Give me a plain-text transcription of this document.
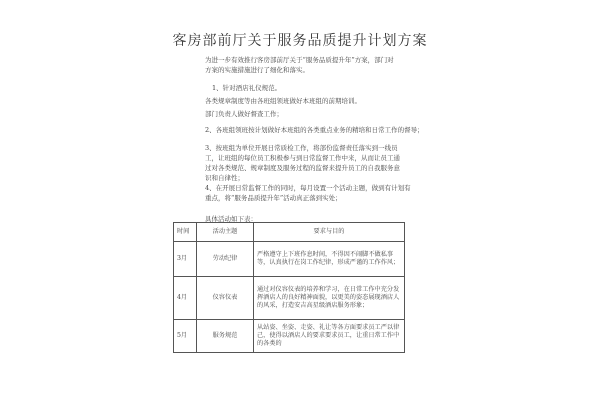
客房部前厅关于服务品质提升计划方案
为进一步有效推行客房部前厅关于“服务品质提升年”方案，部门对方案的实施措施进行了细化和落实。
1、针对酒店礼仪规范。
各类规章制度等由各班组领班做好本班组的前期培训。
部门负责人做好督查工作；
2、各班组领班按计划做好本班组的各类重点业务的精培和日常工作的督导；
3、按班组为单位开展日常质检工作，将部份监督责任落实到一线员工，让班组的每位员工积极参与到日常监督工作中来，从而让员工通过对各类规范、规章制度及服务过程的监督来提升员工的自我服务意识和自律性；
4、在开展日常监督工作的同时，每月设置一个活动主题，做到有计划有重点，将“服务品质提升年”活动真正落到实处；
具体活动如下表：
时间	活动主题	要求与目的
3月	劳动纪律	严格遵守上下班作息时间，不得因不闹脚不做私事等，认真执行在岗工作纪律，形成严谨的工作作风；
4月	仪容仪表	通过对仪容仪表的培养和学习，在日常工作中充分发挥酒店人的良好精神面貌，以更美的姿态展现酒店人的风采，打造安吉高星级酒店服务形象；
5月	服务规范	从站姿、坐姿、走姿、礼让等各方面要求员工严以律己，使得以酒店人的要求要求员工，让重日常工作中的各类的
